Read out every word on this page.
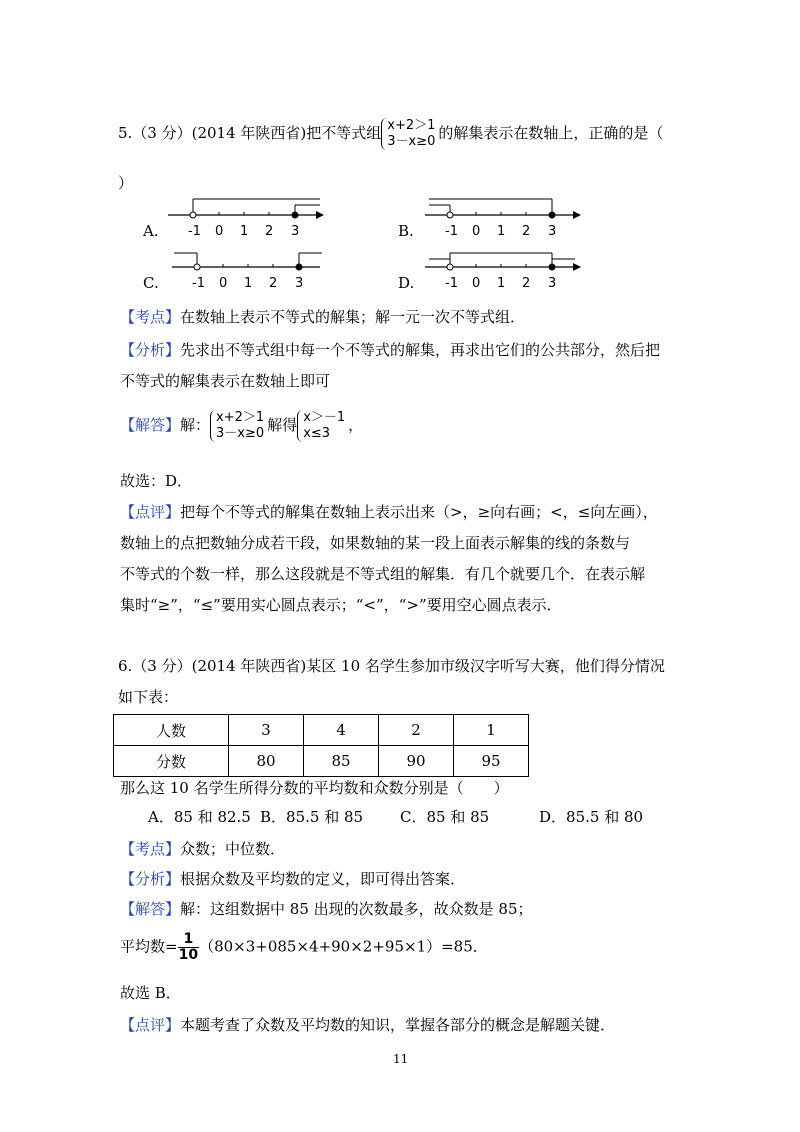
5.（3 分）(2014 年陕西省)把不等式组 x+2＞1
3－x≥0 的解集表示在数轴上，正确的是（
）
A.	B.
C.	D.
-1 0 1 2 3	-1 0 1 2 3
-1 0 1 2 3	-1 0 1 2 3
【考点】在数轴上表示不等式的解集；解一元一次不等式组．
【分析】先求出不等式组中每一个不等式的解集，再求出它们的公共部分，然后把
不等式的解集表示在数轴上即可
【解答】解： x+2＞1
3－x≥0 解得 x＞－1
x≤3	，
故选：D．
【点评】把每个不等式的解集在数轴上表示出来（>，≥向右画；<，≤向左画），
数轴上的点把数轴分成若干段，如果数轴的某一段上面表示解集的线的条数与
不等式的个数一样，那么这段就是不等式组的解集．有几个就要几个．在表示解
集时“≥”，“≤”要用实心圆点表示；“<”，“>”要用空心圆点表示．
6.（3 分）(2014 年陕西省)某区 10 名学生参加市级汉字听写大赛，他们得分情况
如下表：
人数	3	4	2	1
分数	80	85	90	95
那么这 10 名学生所得分数的平均数和众数分别是（　　）
A．85 和 82.5 B．85.5 和 85 C．85 和 85	D．85.5 和 80
【考点】众数；中位数．
【分析】根据众数及平均数的定义，即可得出答案．
【解答】解：这组数据中 85 出现的次数最多，故众数是 85；
平均数= $\frac{1}{10} (80\times 3+085\times 4+90\times 2+95\times 1)=85$．
故选 B．
【点评】本题考查了众数及平均数的知识，掌握各部分的概念是解题关键．
11
